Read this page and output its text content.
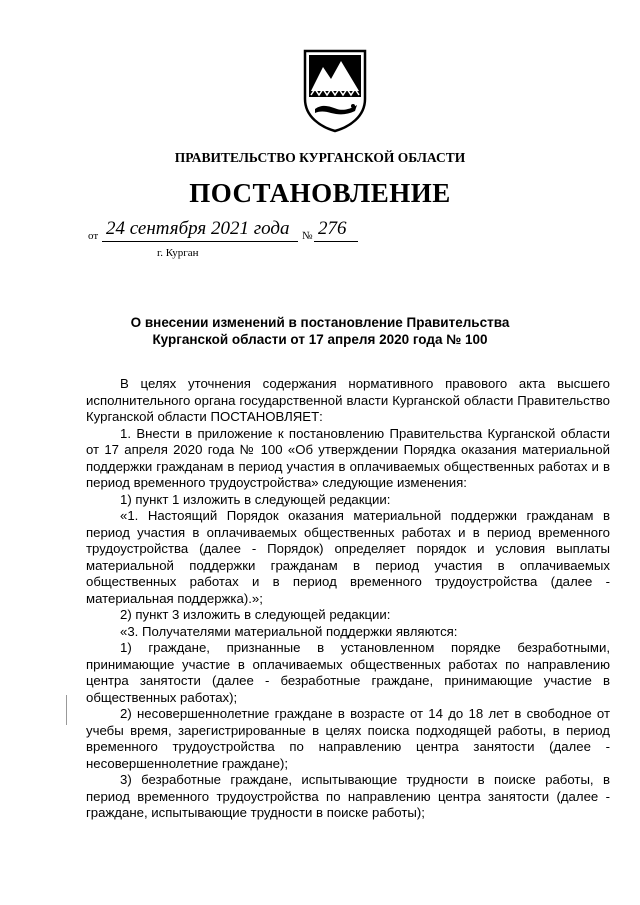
ПРАВИТЕЛЬСТВО КУРГАНСКОЙ ОБЛАСТИ
ПОСТАНОВЛЕНИЕ
от 24 сентября 2021 года № 276
г. Курган
О внесении изменений в постановление Правительства
Курганской области от 17 апреля 2020 года № 100

В целях уточнения содержания нормативного правового акта высшего исполнительного органа государственной власти Курганской области Правительство Курганской области ПОСТАНОВЛЯЕТ:

1. Внести в приложение к постановлению Правительства Курганской области от 17 апреля 2020 года № 100 «Об утверждении Порядка оказания материальной поддержки гражданам в период участия в оплачиваемых общественных работах и в период временного трудоустройства» следующие изменения:

1) пункт 1 изложить в следующей редакции:

«1. Настоящий Порядок оказания материальной поддержки гражданам в период участия в оплачиваемых общественных работах и в период временного трудоустройства (далее - Порядок) определяет порядок и условия выплаты материальной поддержки гражданам в период участия в оплачиваемых общественных работах и в период временного трудоустройства (далее - материальная поддержка).»;

2) пункт 3 изложить в следующей редакции:

«3. Получателями материальной поддержки являются:

1) граждане, признанные в установленном порядке безработными, принимающие участие в оплачиваемых общественных работах по направлению центра занятости (далее - безработные граждане, принимающие участие в общественных работах);

2) несовершеннолетние граждане в возрасте от 14 до 18 лет в свободное от учебы время, зарегистрированные в целях поиска подходящей работы, в период временного трудоустройства по направлению центра занятости (далее - несовершеннолетние граждане);

3) безработные граждане, испытывающие трудности в поиске работы, в период временного трудоустройства по направлению центра занятости (далее - граждане, испытывающие трудности в поиске работы);
